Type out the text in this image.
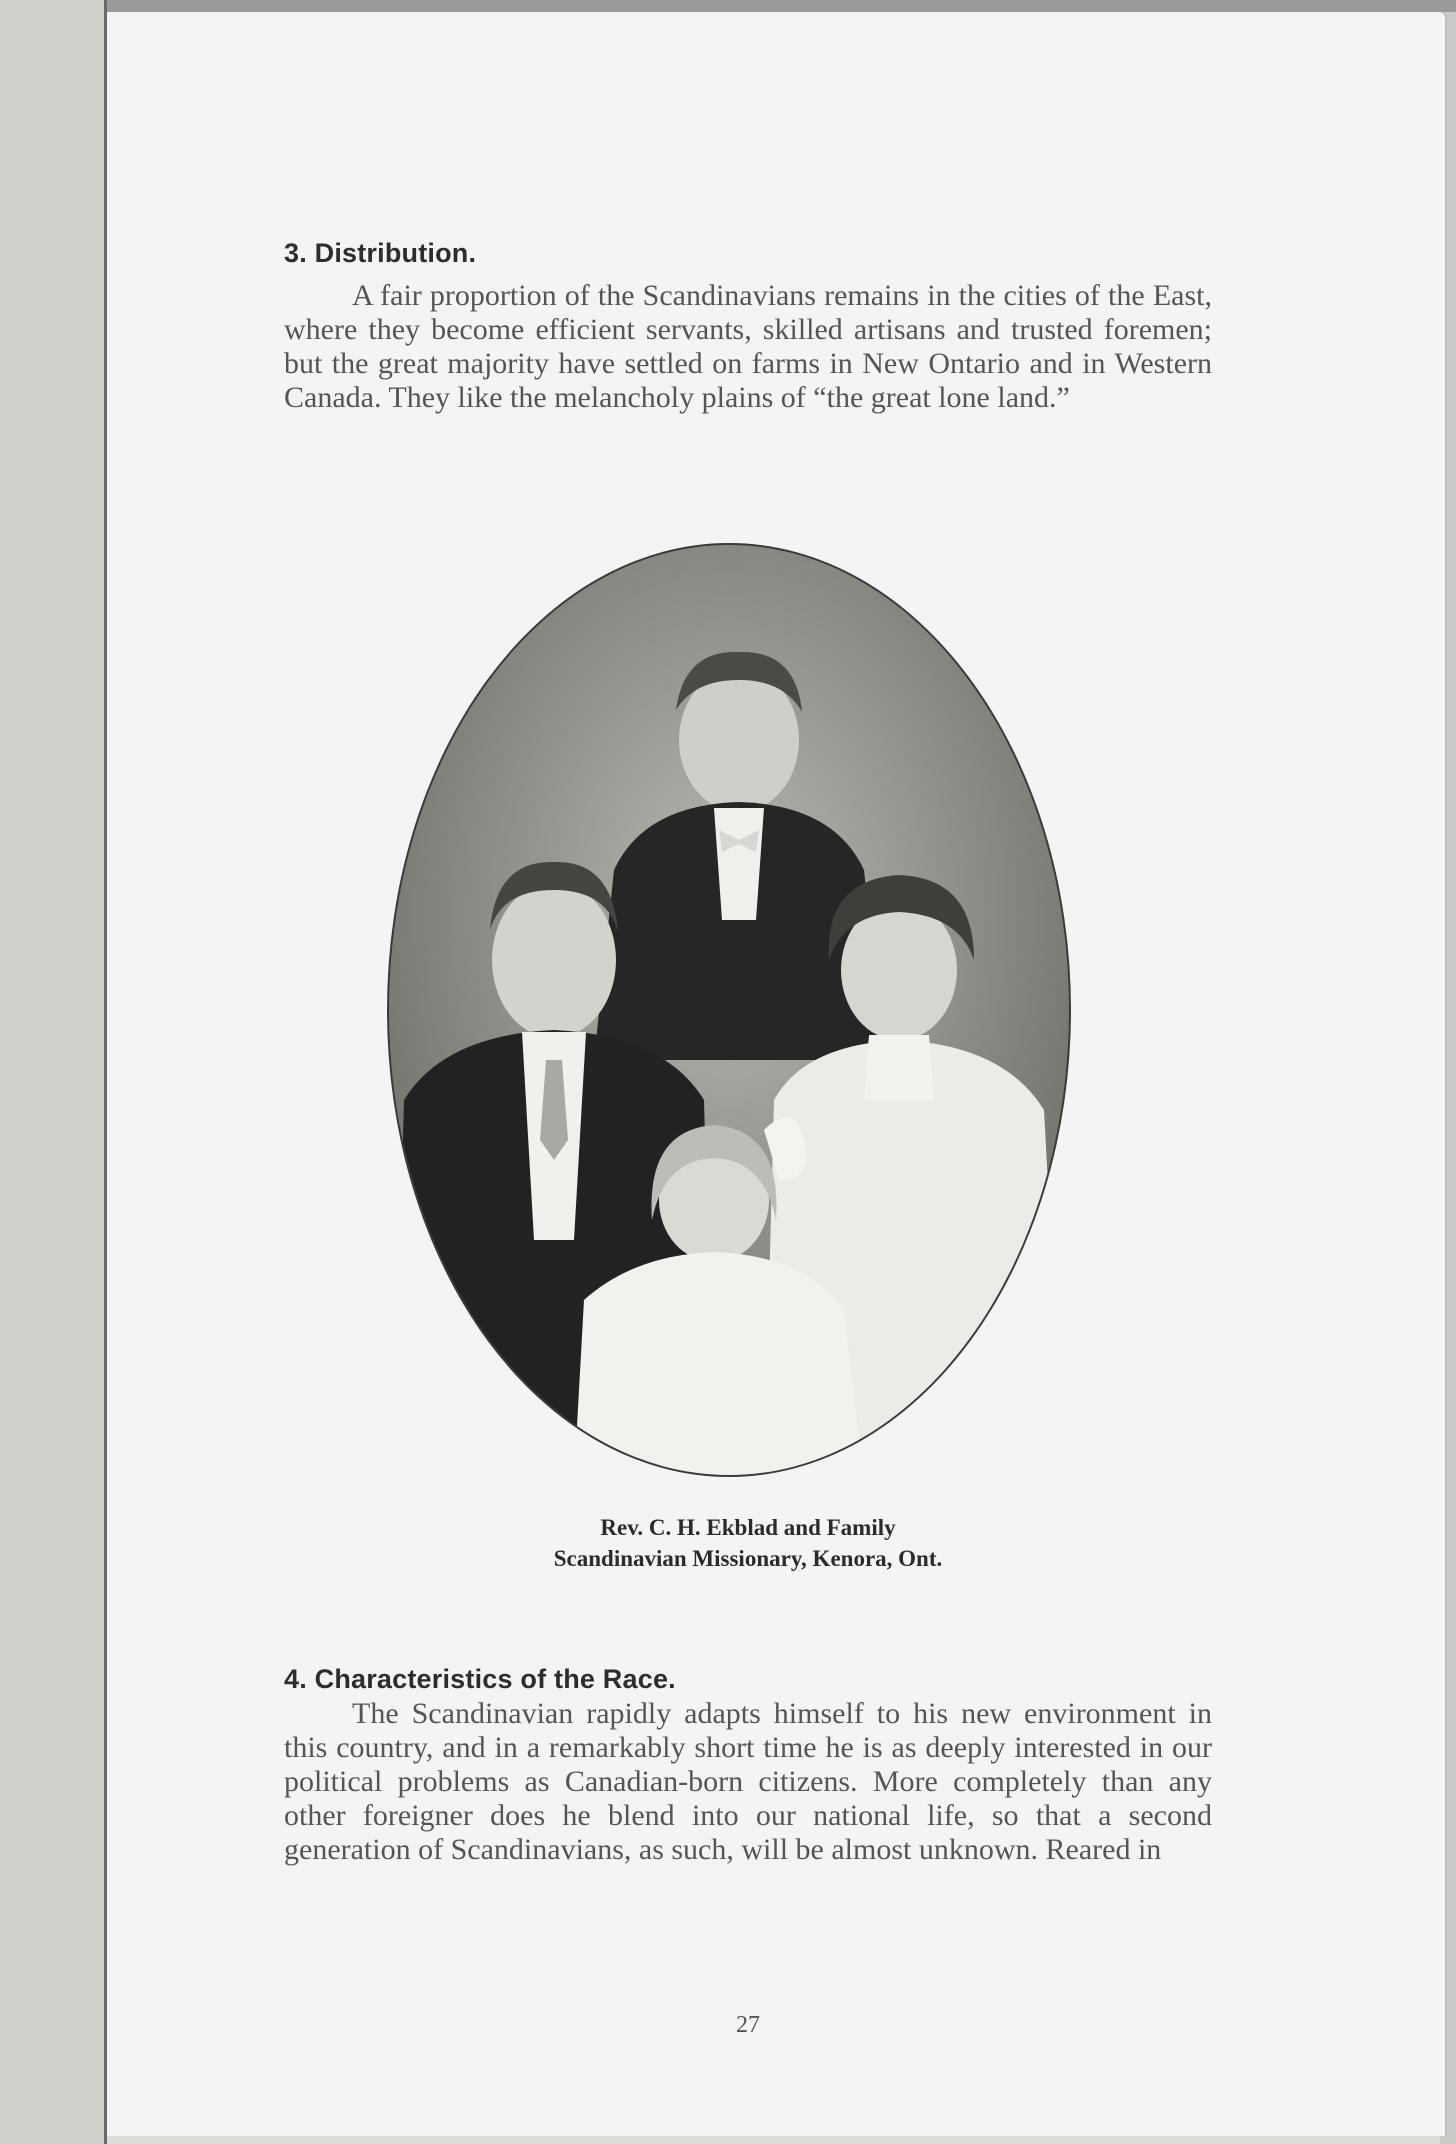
3. Distribution.

A fair proportion of the Scandinavians remains in the cities of the East, where they become efficient servants, skilled artisans and trusted foremen; but the great majority have settled on farms in New Ontario and in Western Canada. They like the melancholy plains of “the great lone land.”

Rev. C. H. Ekblad and Family
Scandinavian Missionary, Kenora, Ont.
4. Characteristics of the Race.

The Scandinavian rapidly adapts himself to his new environment in this country, and in a remarkably short time he is as deeply interested in our political problems as Canadian-born citizens. More completely than any other foreigner does he blend into our national life, so that a second generation of Scandinavians, as such, will be almost unknown. Reared in

27
